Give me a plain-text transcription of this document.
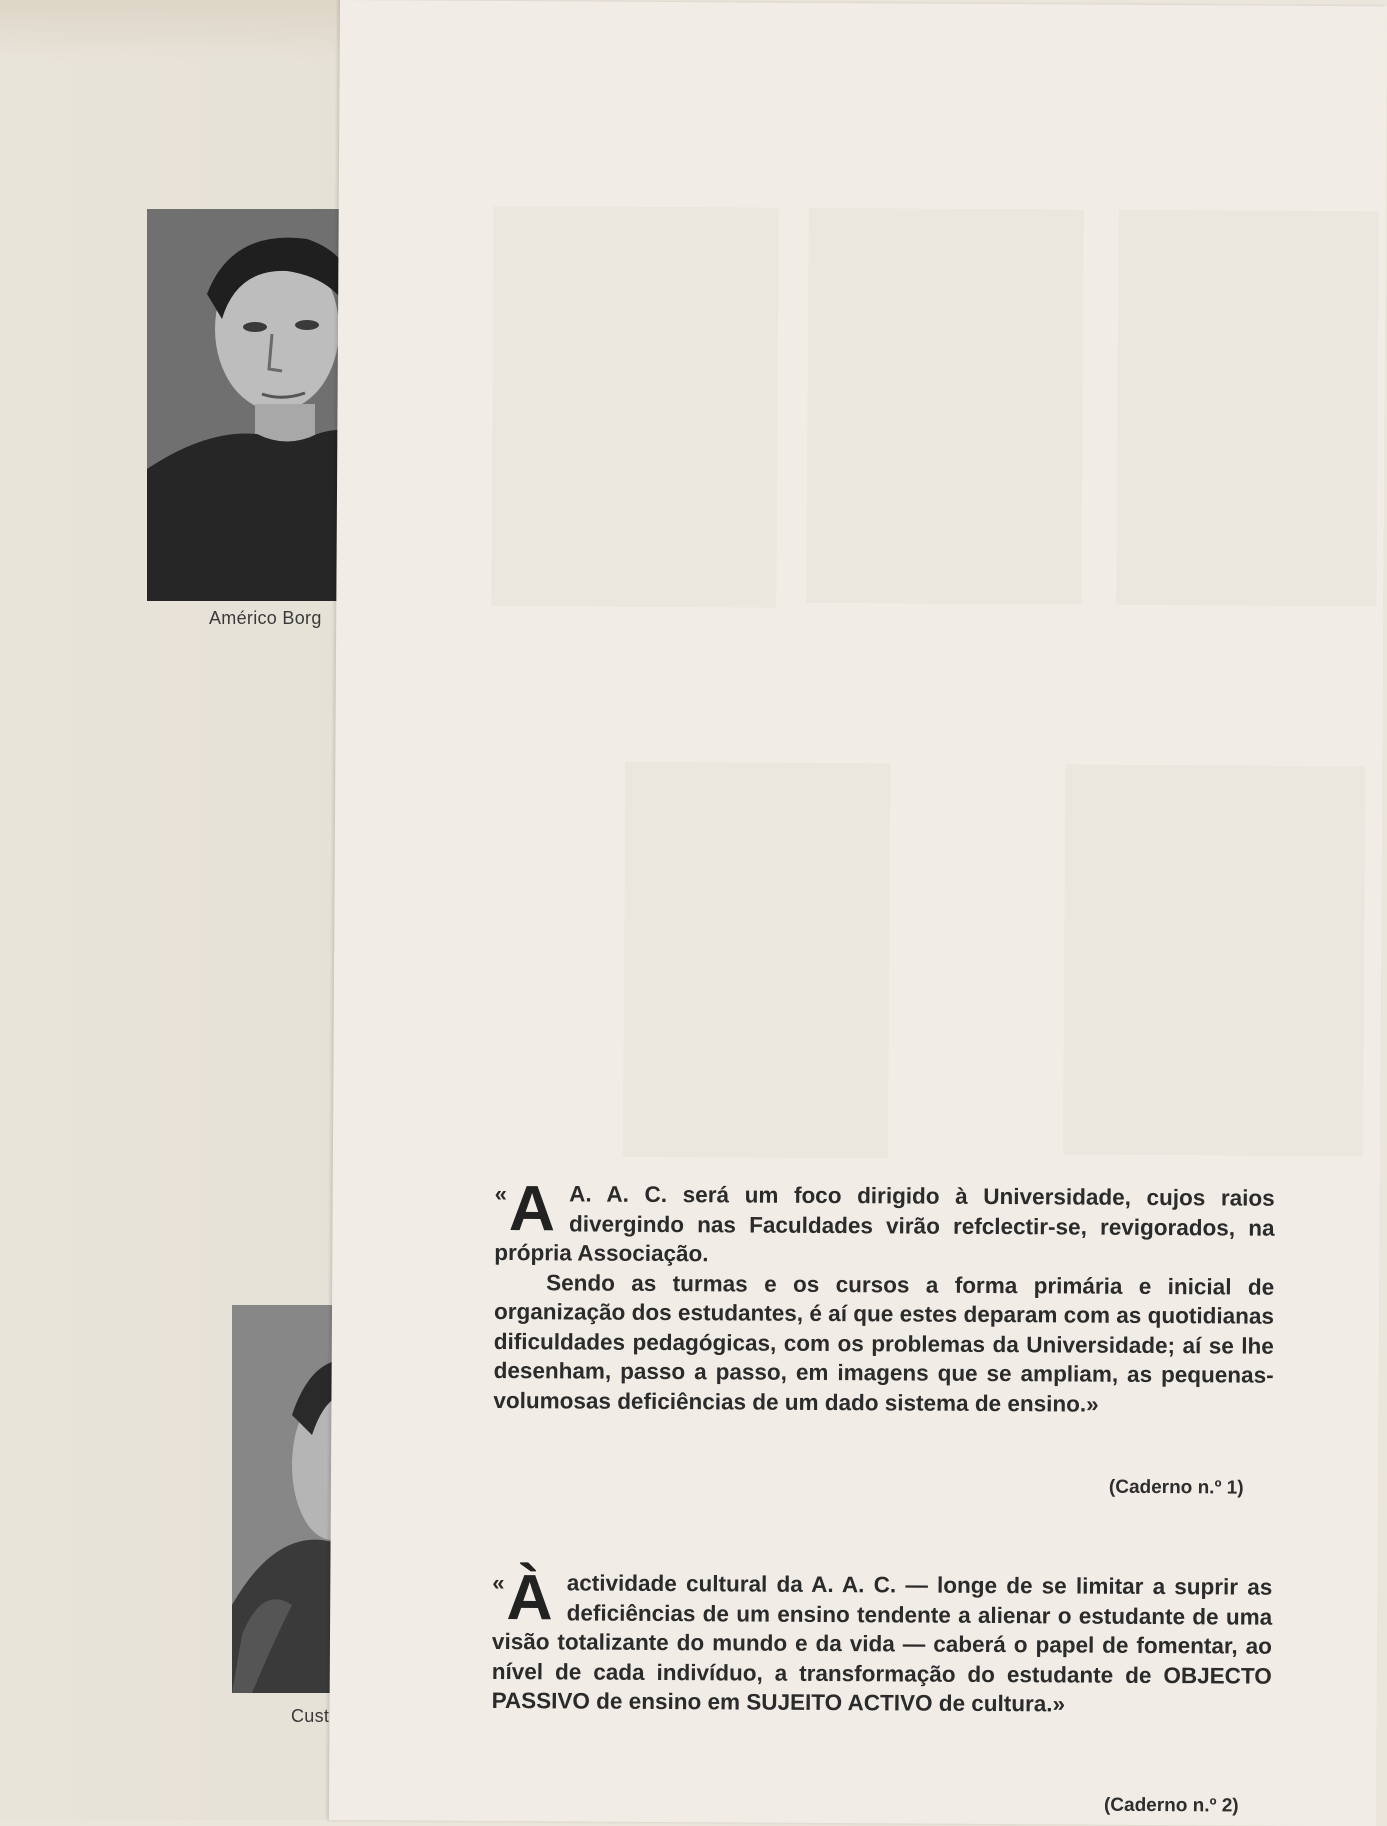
Américo Borg
Cust

« A A. A. C. será um foco dirigido à Universidade, cujos raios divergindo nas Faculdades virão refclectir-se, revigorados, na própria Associação.

Sendo as turmas e os cursos a forma primária e inicial de organização dos estudantes, é aí que estes deparam com as quotidianas dificuldades pedagógicas, com os problemas da Universidade; aí se lhe desenham, passo a passo, em imagens que se ampliam, as pequenas-volumosas deficiências de um dado sistema de ensino.»

(Caderno n.º 1)

« À actividade cultural da A. A. C. — longe de se limitar a suprir as deficiências de um ensino tendente a alienar o estudante de uma visão totalizante do mundo e da vida — caberá o papel de fomentar, ao nível de cada indivíduo, a transformação do estudante de OBJECTO PASSIVO de ensino em SUJEITO ACTIVO de cultura.»

(Caderno n.º 2)
